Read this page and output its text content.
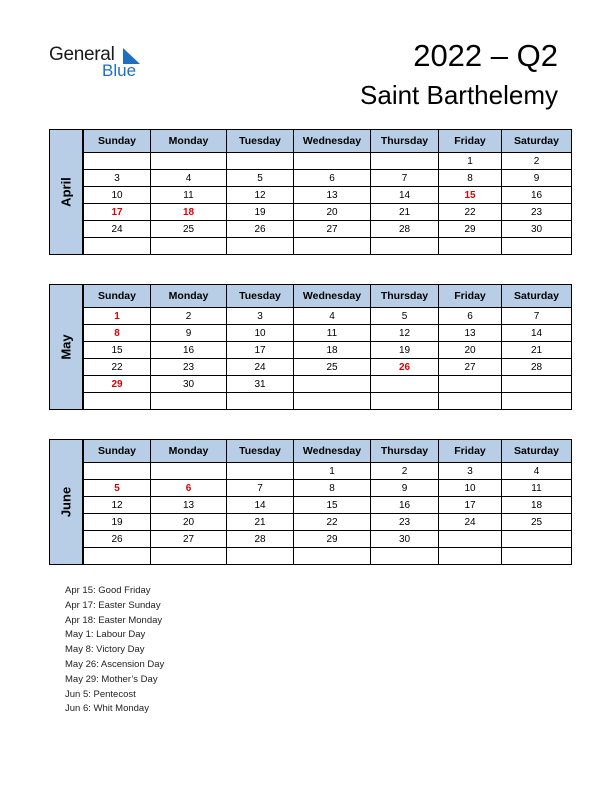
General
Blue	2022 – Q2
Saint Barthelemy
April
Sunday	Monday	Tuesday	Wednesday	Thursday	Friday	Saturday
					1	2
3	4	5	6	7	8	9
10	11	12	13	14	15	16
17	18	19	20	21	22	23
24	25	26	27	28	29	30

May
Sunday	Monday	Tuesday	Wednesday	Thursday	Friday	Saturday
1	2	3	4	5	6	7
8	9	10	11	12	13	14
15	16	17	18	19	20	21
22	23	24	25	26	27	28
29	30	31				

June
Sunday	Monday	Tuesday	Wednesday	Thursday	Friday	Saturday
			1	2	3	4
5	6	7	8	9	10	11
12	13	14	15	16	17	18
19	20	21	22	23	24	25
26	27	28	29	30		

Apr 15: Good Friday
Apr 17: Easter Sunday
Apr 18: Easter Monday
May 1: Labour Day
May 8: Victory Day
May 26: Ascension Day
May 29: Mother’s Day
Jun 5: Pentecost
Jun 6: Whit Monday
